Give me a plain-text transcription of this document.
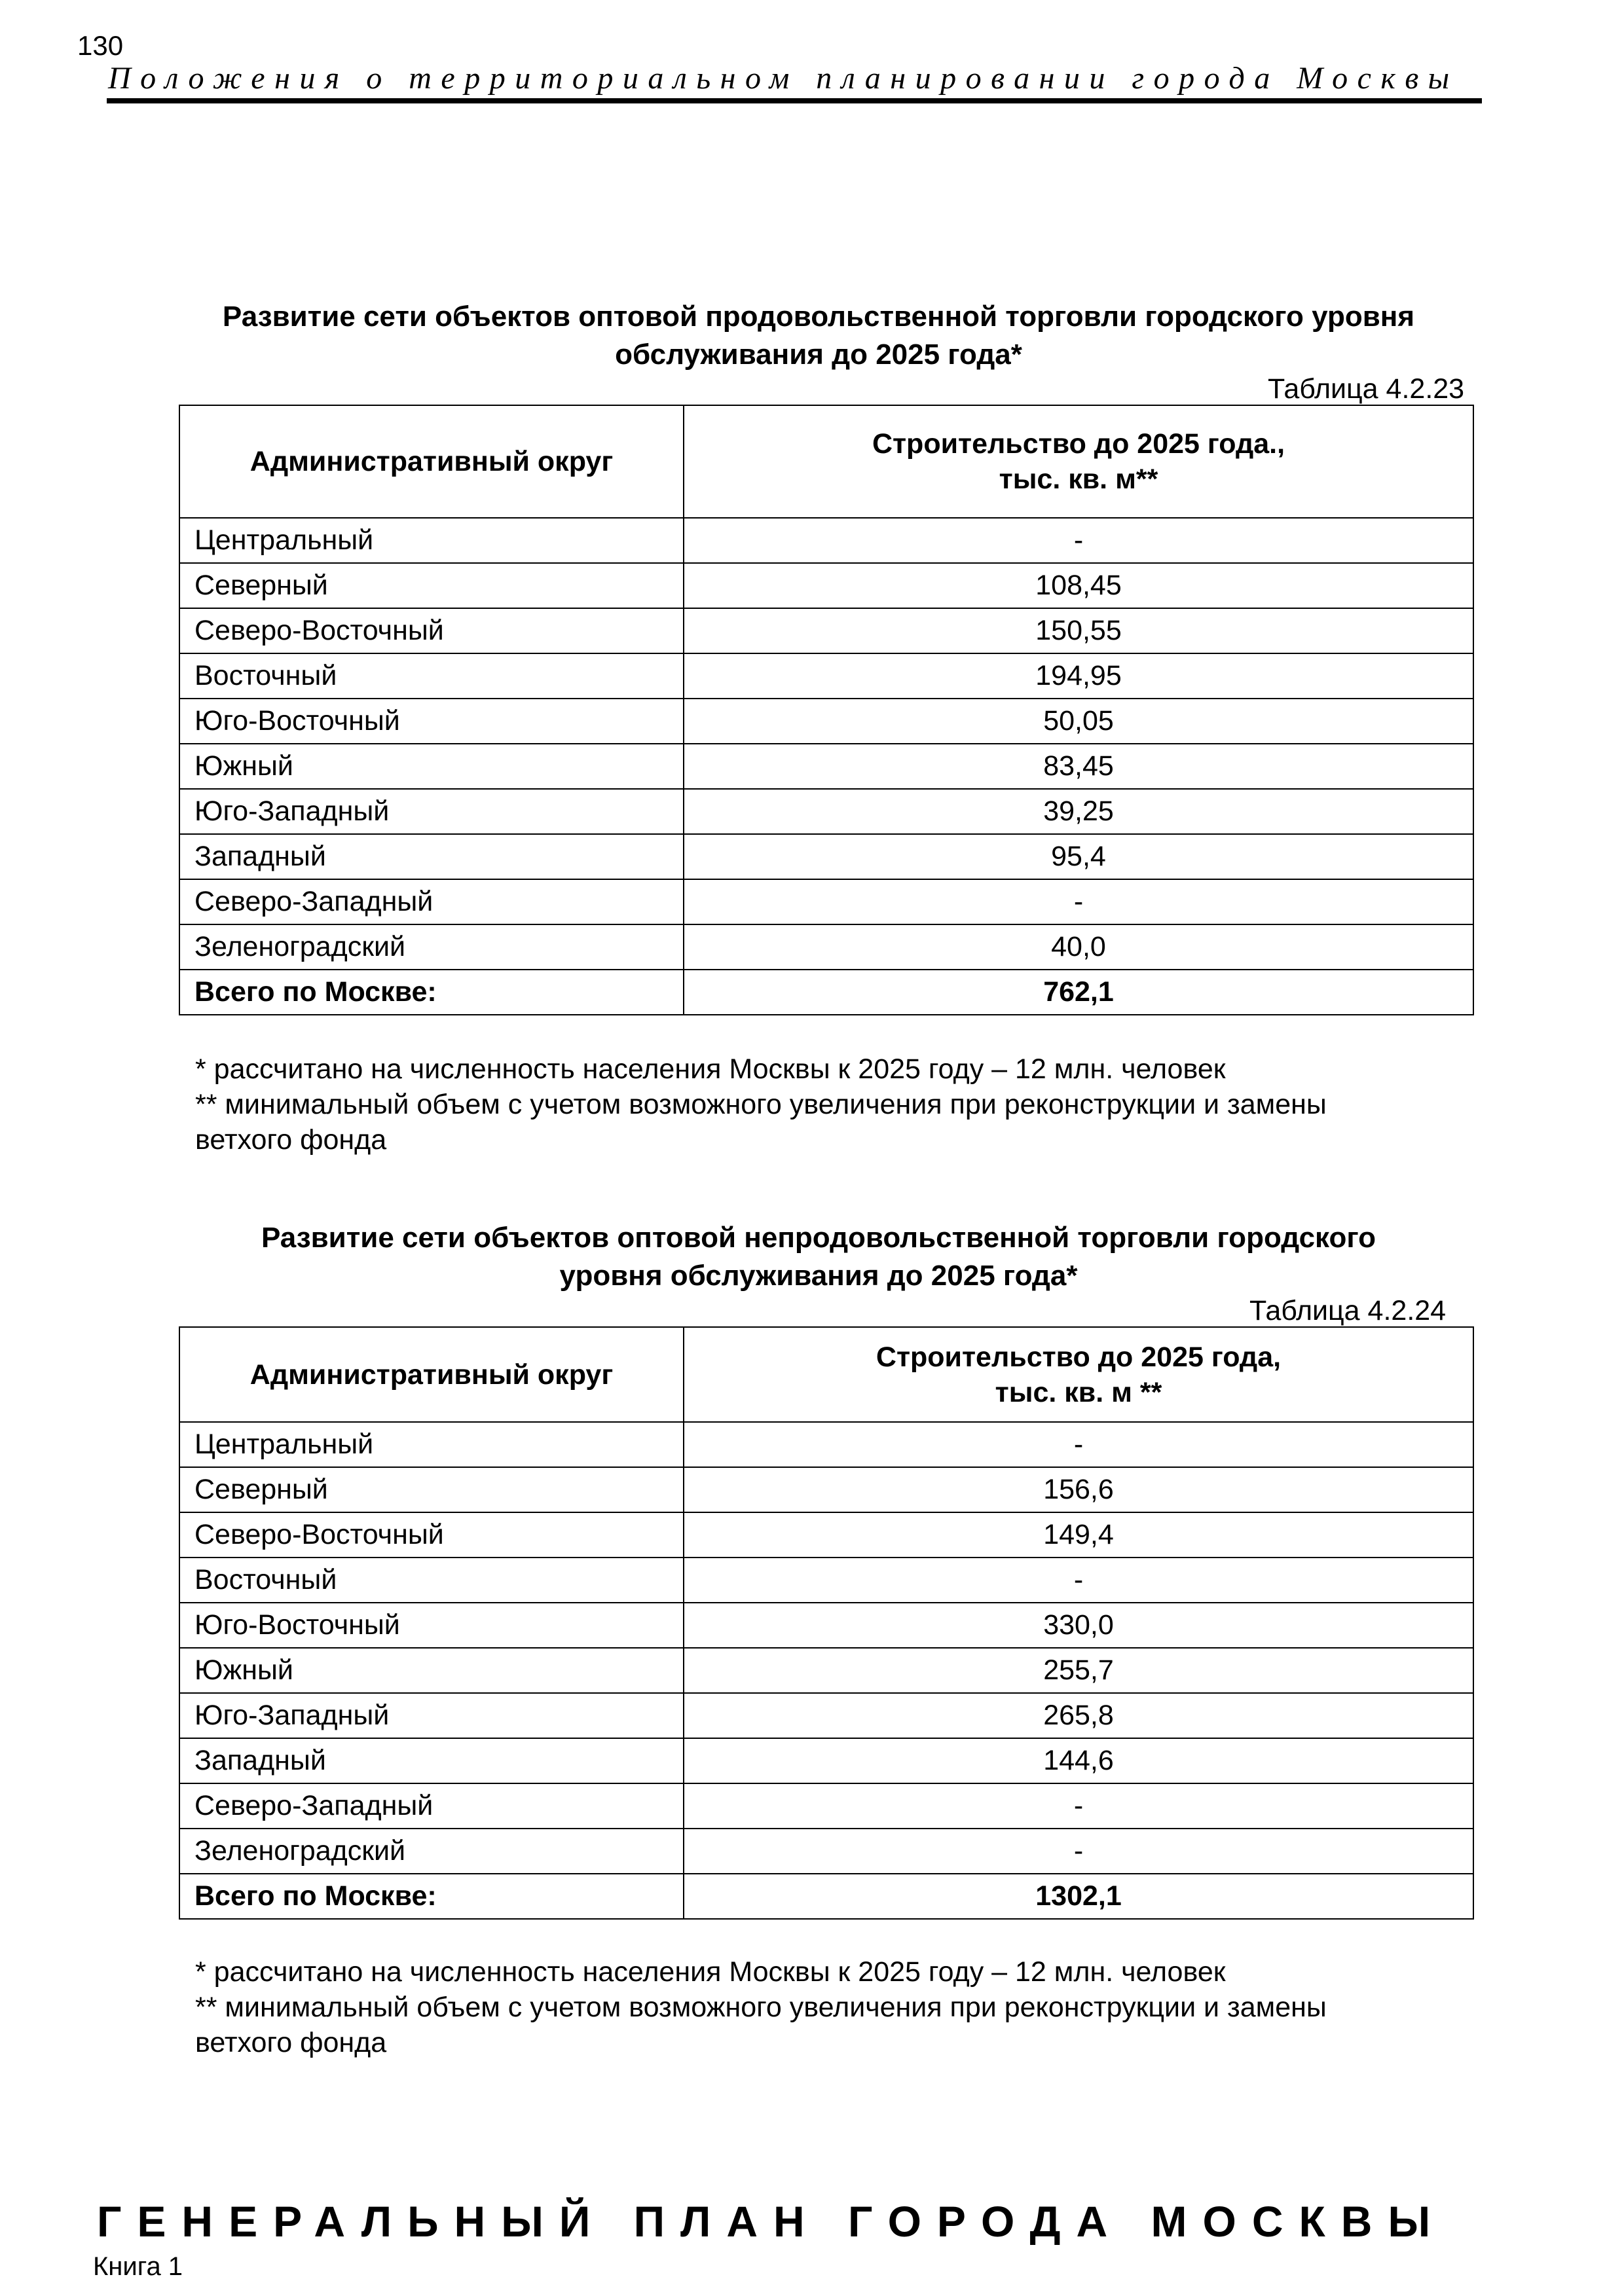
130
Положения о территориальном планировании города Москвы
Развитие сети объектов оптовой продовольственной торговли городского уровня
обслуживания до 2025 года*
Таблица 4.2.23
Административный округ	Строительство до 2025 года.,
тыс. кв. м**

Центральный	-
Северный	108,45
Северо-Восточный	150,55
Восточный	194,95
Юго-Восточный	50,05
Южный	83,45
Юго-Западный	39,25
Западный	95,4
Северо-Западный	-
Зеленоградский	40,0
Всего по Москве:	762,1
* рассчитано на численность населения Москвы к 2025 году – 12 млн. человек
** минимальный объем с учетом возможного увеличения при реконструкции и замены
ветхого фонда
Развитие сети объектов оптовой непродовольственной торговли городского
уровня обслуживания до 2025 года*
Таблица 4.2.24
Административный округ	Строительство до 2025 года,
тыс. кв. м **

Центральный	-
Северный	156,6
Северо-Восточный	149,4
Восточный	-
Юго-Восточный	330,0
Южный	255,7
Юго-Западный	265,8
Западный	144,6
Северо-Западный	-
Зеленоградский	-
Всего по Москве:	1302,1
* рассчитано на численность населения Москвы к 2025 году – 12 млн. человек
** минимальный объем с учетом возможного увеличения при реконструкции и замены
ветхого фонда
ГЕНЕРАЛЬНЫЙ ПЛАН ГОРОДА МОСКВЫ
Книга 1
